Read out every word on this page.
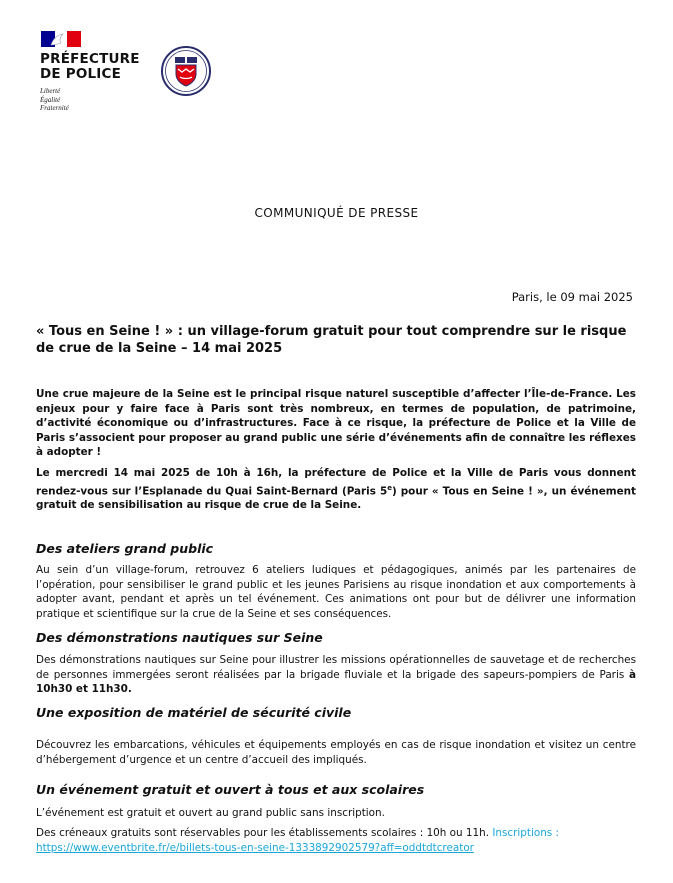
PRÉFECTURE
DE POLICE
Liberté
Égalité
Fraternité
COMMUNIQUÉ DE PRESSE
Paris, le 09 mai 2025
« Tous en Seine ! » : un village-forum gratuit pour tout comprendre sur le risque de crue de la Seine – 14 mai 2025
Une crue majeure de la Seine est le principal risque naturel susceptible d’affecter l’Île-de-France. Les enjeux pour y faire face à Paris sont très nombreux, en termes de population, de patrimoine, d’activité économique ou d’infrastructures. Face à ce risque, la préfecture de Police et la Ville de Paris s’associent pour proposer au grand public une série d’événements afin de connaître les réflexes à adopter !
Le mercredi 14 mai 2025 de 10h à 16h, la préfecture de Police et la Ville de Paris vous donnent rendez-vous sur l’Esplanade du Quai Saint-Bernard (Paris 5e) pour « Tous en Seine ! », un événement gratuit de sensibilisation au risque de crue de la Seine.
Des ateliers grand public
Au sein d’un village-forum, retrouvez 6 ateliers ludiques et pédagogiques, animés par les partenaires de l’opération, pour sensibiliser le grand public et les jeunes Parisiens au risque inondation et aux comportements à adopter avant, pendant et après un tel événement. Ces animations ont pour but de délivrer une information pratique et scientifique sur la crue de la Seine et ses conséquences.
Des démonstrations nautiques sur Seine
Des démonstrations nautiques sur Seine pour illustrer les missions opérationnelles de sauvetage et de recherches de personnes immergées seront réalisées par la brigade fluviale et la brigade des sapeurs-pompiers de Paris à 10h30 et 11h30.
Une exposition de matériel de sécurité civile
Découvrez les embarcations, véhicules et équipements employés en cas de risque inondation et visitez un centre d’hébergement d’urgence et un centre d’accueil des impliqués.
Un événement gratuit et ouvert à tous et aux scolaires
L’événement est gratuit et ouvert au grand public sans inscription.
Des créneaux gratuits sont réservables pour les établissements scolaires : 10h ou 11h. Inscriptions :
https://www.eventbrite.fr/e/billets-tous-en-seine-1333892902579?aff=oddtdtcreator
